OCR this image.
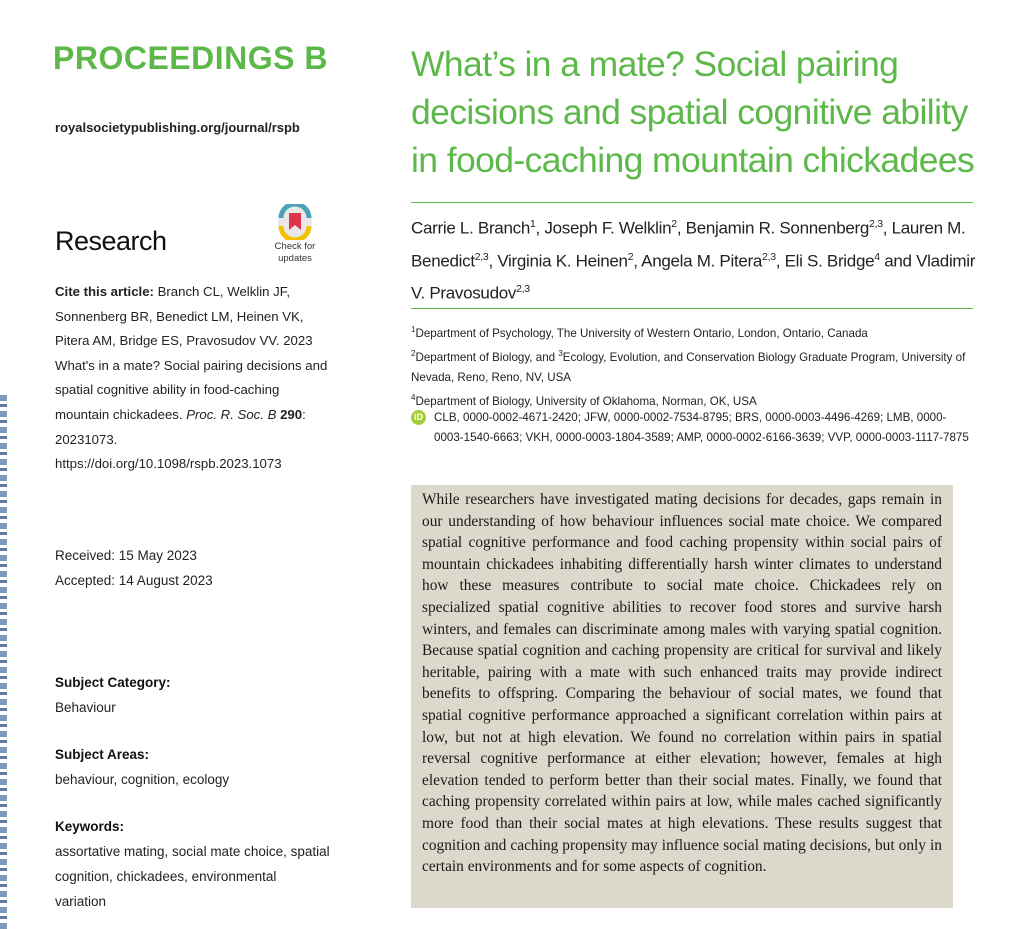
PROCEEDINGS B
royalsocietypublishing.org/journal/rspb
Research	Check for
updates
Cite this article: Branch CL, Welklin JF, Sonnenberg BR, Benedict LM, Heinen VK, Pitera AM, Bridge ES, Pravosudov VV. 2023 What's in a mate? Social pairing decisions and spatial cognitive ability in food-caching mountain chickadees. Proc. R. Soc. B 290: 20231073.
https://doi.org/10.1098/rspb.2023.1073
Received: 15 May 2023
Accepted: 14 August 2023
Subject Category:
Behaviour
Subject Areas:
behaviour, cognition, ecology
Keywords:
assortative mating, social mate choice, spatial cognition, chickadees, environmental variation
What’s in a mate? Social pairing decisions and spatial cognitive ability in food-caching mountain chickadees
Carrie L. Branch$^1$, Joseph F. Welklin$^2$, Benjamin R. Sonnenberg$^{2,3}$, Lauren M. Benedict$^{2,3}$, Virginia K. Heinen$^2$, Angela M. Pitera$^{2,3}$, Eli S. Bridge$^4$ and Vladimir V. Pravosudov$^{2,3}$
$^1$Department of Psychology, The University of Western Ontario, London, Ontario, Canada
$^2$Department of Biology, and $^3$Ecology, Evolution, and Conservation Biology Graduate Program, University of Nevada, Reno, Reno, NV, USA
$^4$Department of Biology, University of Oklahoma, Norman, OK, USA
iD CLB, 0000-0002-4671-2420; JFW, 0000-0002-7534-8795; BRS, 0000-0003-4496-4269; LMB, 0000-0003-1540-6663; VKH, 0000-0003-1804-3589; AMP, 0000-0002-6166-3639; VVP, 0000-0003-1117-7875

While researchers have investigated mating decisions for decades, gaps remain in our understanding of how behaviour influences social mate choice. We compared spatial cognitive performance and food caching propensity within social pairs of mountain chickadees inhabiting differentially harsh winter climates to understand how these measures contribute to social mate choice. Chickadees rely on specialized spatial cognitive abilities to recover food stores and survive harsh winters, and females can discriminate among males with varying spatial cognition. Because spatial cognition and caching propensity are critical for survival and likely heritable, pairing with a mate with such enhanced traits may provide indirect benefits to offspring. Comparing the behaviour of social mates, we found that spatial cognitive performance approached a significant correlation within pairs at low, but not at high elevation. We found no correlation within pairs in spatial reversal cognitive performance at either elevation; however, females at high elevation tended to perform better than their social mates. Finally, we found that caching propensity correlated within pairs at low, while males cached significantly more food than their social mates at high elevations. These results suggest that cognition and caching propensity may influence social mating decisions, but only in certain environments and for some aspects of cognition.
